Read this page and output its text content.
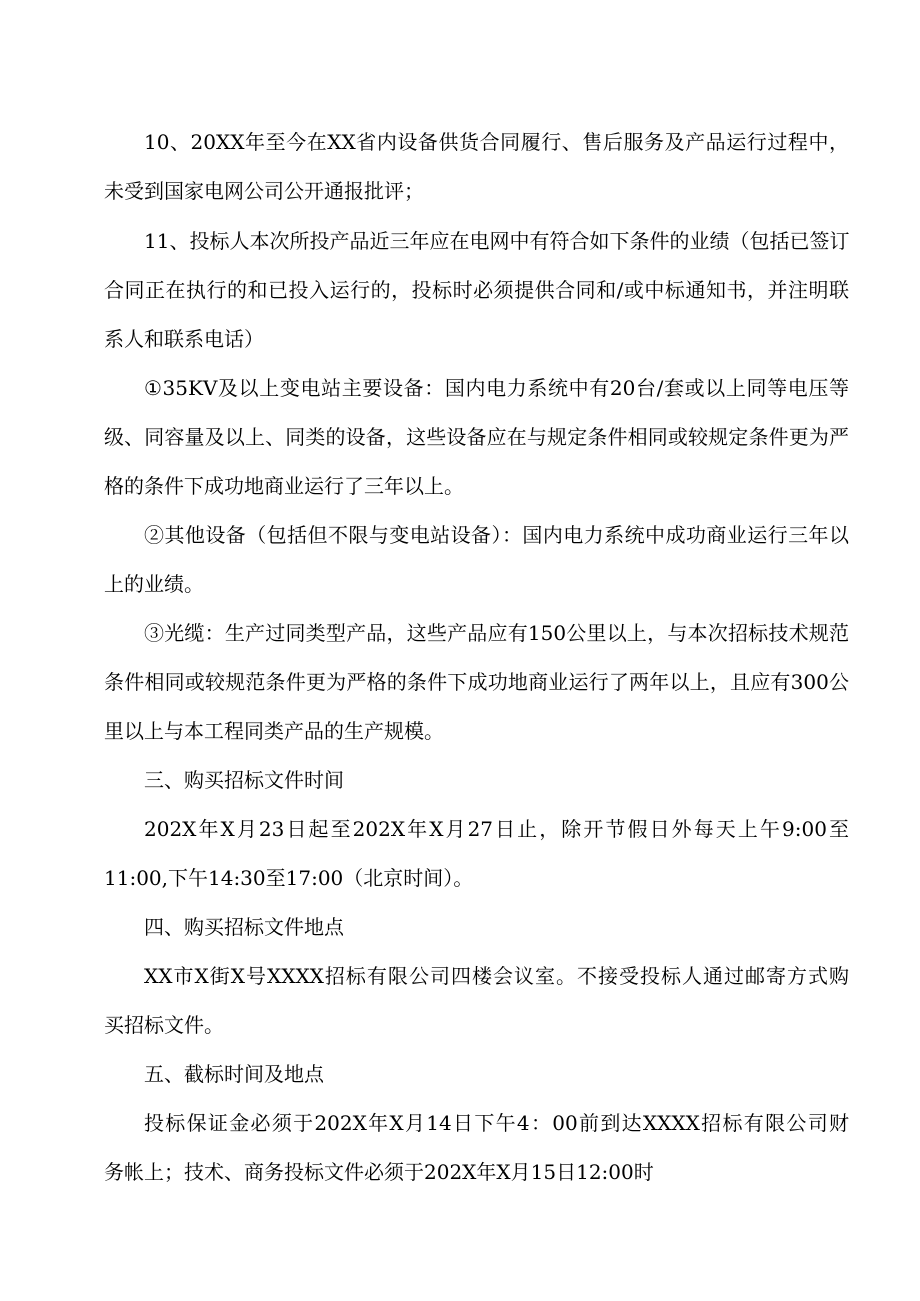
10、20XX年至今在XX省内设备供货合同履行、售后服务及产品运行过程中，
未受到国家电网公司公开通报批评；
11、投标人本次所投产品近三年应在电网中有符合如下条件的业绩（包括已签订
合同正在执行的和已投入运行的，投标时必须提供合同和/或中标通知书，并注明联
系人和联系电话）
①35KV及以上变电站主要设备：国内电力系统中有20台/套或以上同等电压等
级、同容量及以上、同类的设备，这些设备应在与规定条件相同或较规定条件更为严
格的条件下成功地商业运行了三年以上。
②其他设备（包括但不限与变电站设备）：国内电力系统中成功商业运行三年以
上的业绩。
③光缆：生产过同类型产品，这些产品应有150公里以上，与本次招标技术规范
条件相同或较规范条件更为严格的条件下成功地商业运行了两年以上，且应有300公
里以上与本工程同类产品的生产规模。
三、购买招标文件时间
202X年X月23日起至202X年X月27日止，除开节假日外每天上午9:00至
11:00,下午14:30至17:00（北京时间）。
四、购买招标文件地点
XX市X街X号XXXX招标有限公司四楼会议室。不接受投标人通过邮寄方式购
买招标文件。
五、截标时间及地点
投标保证金必须于202X年X月14日下午4：00前到达XXXX招标有限公司财
务帐上；技术、商务投标文件必须于202X年X月15日12:00时
